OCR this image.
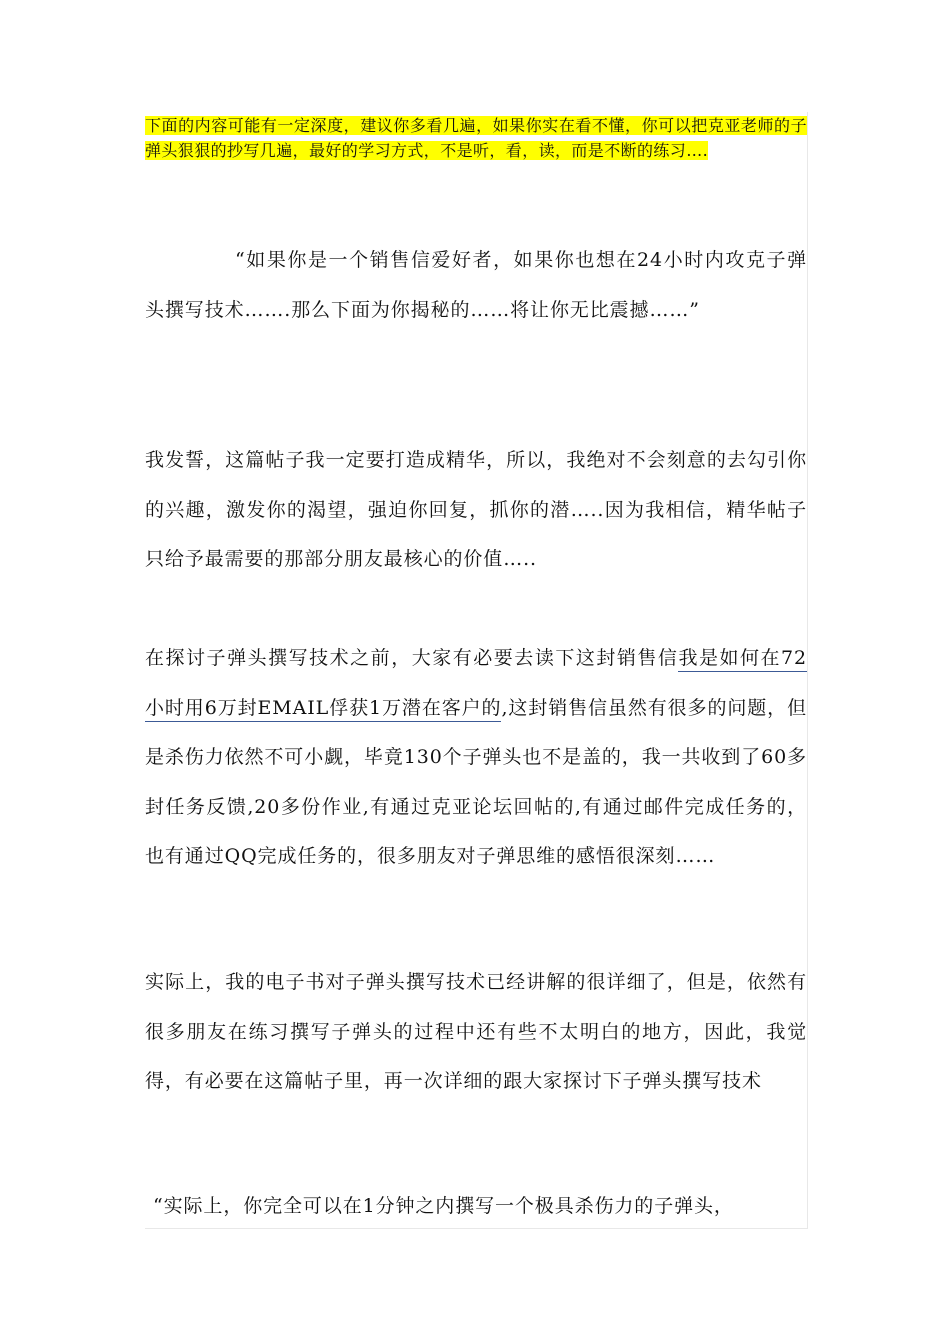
下面的内容可能有一定深度，建议你多看几遍，如果你实在看不懂，你可以把克亚老师的子弹头狠狠的抄写几遍，最好的学习方式，不是听，看，读，而是不断的练习….

“如果你是一个销售信爱好者，如果你也想在24小时内攻克子弹头撰写技术…….那么下面为你揭秘的……将让你无比震撼……”

我发誓，这篇帖子我一定要打造成精华，所以，我绝对不会刻意的去勾引你的兴趣，激发你的渴望，强迫你回复，抓你的潜…..因为我相信，精华帖子只给予最需要的那部分朋友最核心的价值…..

在探讨子弹头撰写技术之前，大家有必要去读下这封销售信我是如何在72小时用6万封EMAIL俘获1万潜在客户的,这封销售信虽然有很多的问题，但是杀伤力依然不可小觑，毕竟130个子弹头也不是盖的，我一共收到了60多封任务反馈,20多份作业,有通过克亚论坛回帖的,有通过邮件完成任务的，也有通过QQ完成任务的，很多朋友对子弹思维的感悟很深刻……

实际上，我的电子书对子弹头撰写技术已经讲解的很详细了，但是，依然有很多朋友在练习撰写子弹头的过程中还有些不太明白的地方，因此，我觉得，有必要在这篇帖子里，再一次详细的跟大家探讨下子弹头撰写技术

“实际上，你完全可以在1分钟之内撰写一个极具杀伤力的子弹头，
